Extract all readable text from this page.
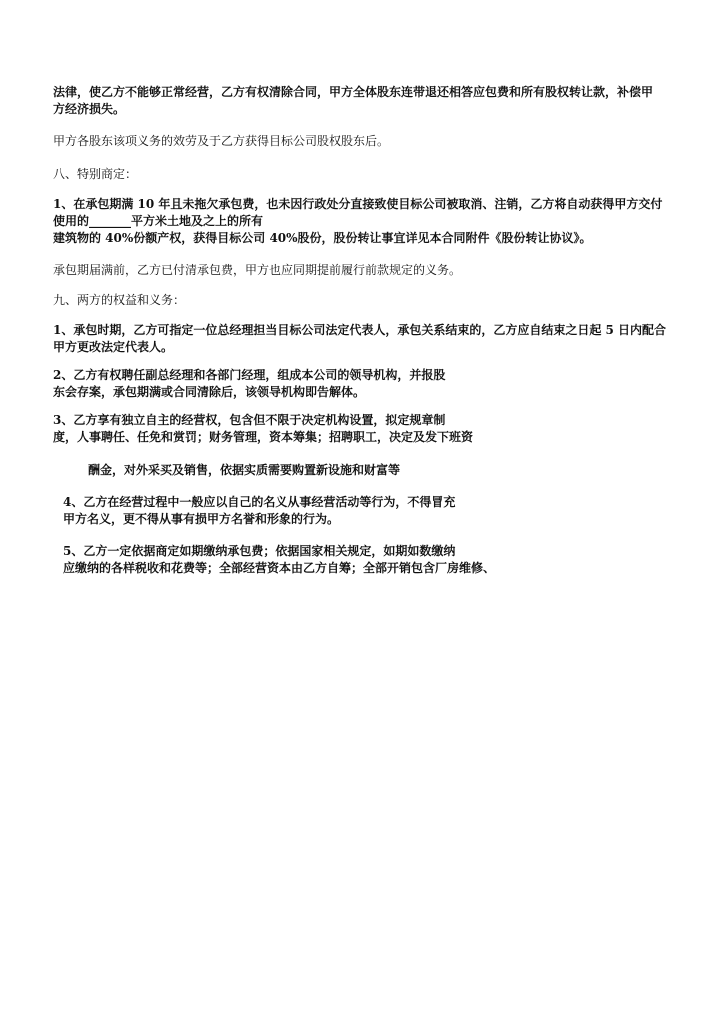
法律，使乙方不能够正常经营，乙方有权清除合同，甲方全体股东连带退还相答应包费和所有股权转让款，补偿甲
方经济损失。
甲方各股东该项义务的效劳及于乙方获得目标公司股权股东后。
八、特别商定：
1、在承包期满 10 年且未拖欠承包费，也未因行政处分直接致使目标公司被取消、注销，乙方将自动获得甲方交付
使用的_______平方米土地及之上的所有
建筑物的 40%份额产权，获得目标公司 40%股份，股份转让事宜详见本合同附件《股份转让协议》。
承包期届满前，乙方已付清承包费，甲方也应同期提前履行前款规定的义务。
九、两方的权益和义务：
1、承包时期，乙方可指定一位总经理担当目标公司法定代表人，承包关系结束的，乙方应自结束之日起 5 日内配合
甲方更改法定代表人。
2、乙方有权聘任副总经理和各部门经理，组成本公司的领导机构，并报股
东会存案，承包期满或合同清除后，该领导机构即告解体。
3、乙方享有独立自主的经营权，包含但不限于决定机构设置，拟定规章制
度，人事聘任、任免和赏罚；财务管理，资本筹集；招聘职工，决定及发下班资
酬金，对外采买及销售，依据实质需要购置新设施和财富等
4、乙方在经营过程中一般应以自己的名义从事经营活动等行为，不得冒充
甲方名义，更不得从事有损甲方名誉和形象的行为。
5、乙方一定依据商定如期缴纳承包费；依据国家相关规定，如期如数缴纳
应缴纳的各样税收和花费等；全部经营资本由乙方自筹；全部开销包含厂房维修、
